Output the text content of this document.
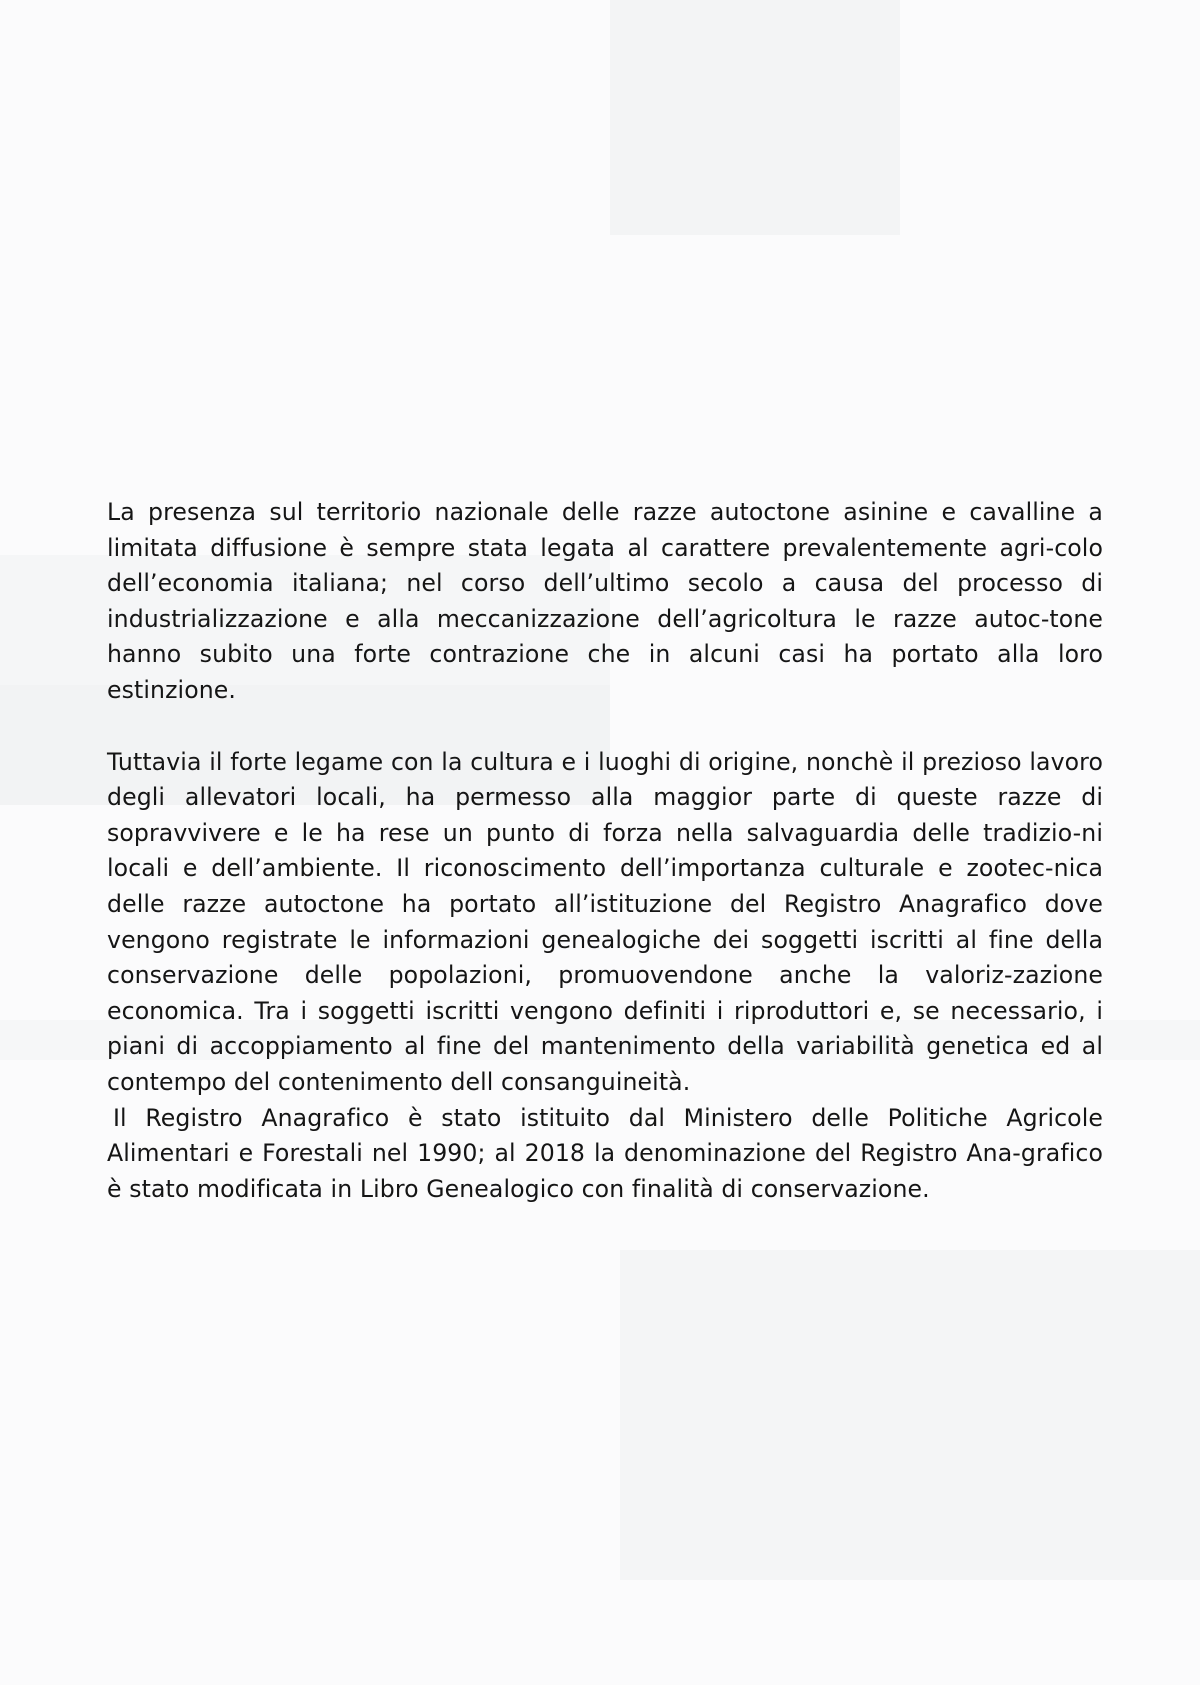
La presenza sul territorio nazionale delle razze autoctone asinine e cavalline a limitata diffusione è sempre stata legata al carattere prevalentemente agri-colo dell’economia italiana; nel corso dell’ultimo secolo a causa del processo di industrializzazione e alla meccanizzazione dell’agricoltura le razze autoc-tone hanno subito una forte contrazione che in alcuni casi ha portato alla loro estinzione.

Tuttavia il forte legame con la cultura e i luoghi di origine, nonchè il prezioso lavoro degli allevatori locali, ha permesso alla maggior parte di queste razze di sopravvivere e le ha rese un punto di forza nella salvaguardia delle tradizio-ni locali e dell’ambiente. Il riconoscimento dell’importanza culturale e zootec-nica delle razze autoctone ha portato all’istituzione del Registro Anagrafico dove vengono registrate le informazioni genealogiche dei soggetti iscritti al fine della conservazione delle popolazioni, promuovendone anche la valoriz-zazione economica. Tra i soggetti iscritti vengono definiti i riproduttori e, se necessario, i piani di accoppiamento al fine del mantenimento della variabilità genetica ed al contempo del contenimento dell consanguineità.

Il Registro Anagrafico è stato istituito dal Ministero delle Politiche Agricole Alimentari e Forestali nel 1990; al 2018 la denominazione del Registro Ana-grafico è stato modificata in Libro Genealogico con finalità di conservazione.
